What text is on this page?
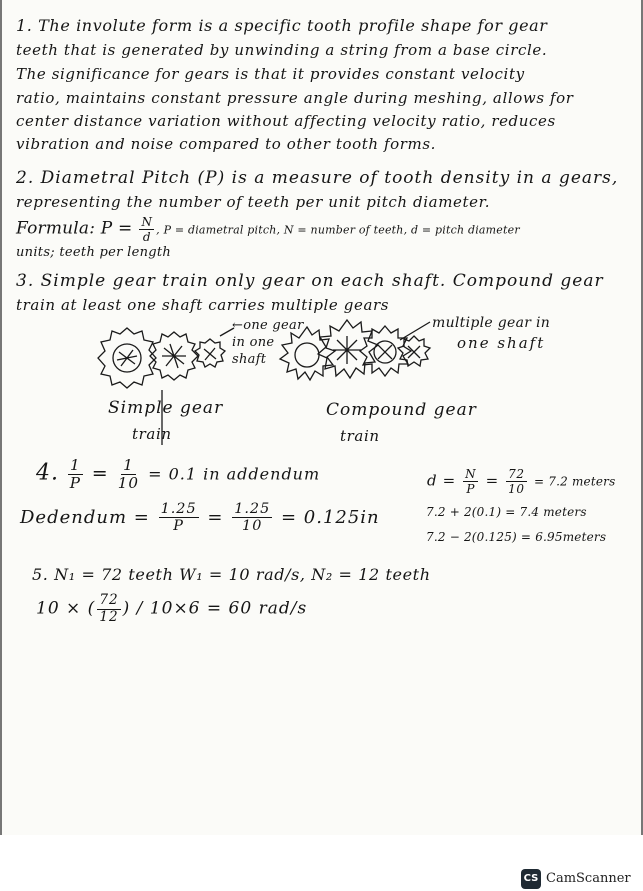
1. The involute form is a specific tooth profile shape for gear
teeth that is generated by unwinding a string from a base circle.
The significance for gears is that it provides constant velocity
ratio, maintains constant pressure angle during meshing, allows for
center distance variation without affecting velocity ratio, reduces
vibration and noise compared to other tooth forms.
2. Diametral Pitch (P) is a measure of tooth density in a gears,
representing the number of teeth per unit pitch diameter.
Formula: $P = \frac{N}{d}$ , P = diametral pitch, N = number of teeth, d = pitch diameter
units; teeth per length
3. Simple gear train only gear on each shaft. Compound gear
train at least one shaft carries multiple gears
←one gear
in one
shaft
multiple gear in
one shaft
Simple gear
train
Compound gear
train
4. $\frac{1}{P} = \frac{1}{10} = 0.1$ in addendum	$d = \frac{N}{P} = \frac{72}{10} = 7.2$ meters
Dedendum = $\frac{1.25}{P} = \frac{1.25}{10} = 0.125in$	7.2 + 2(0.1) = 7.4 meters
7.2 − 2(0.125) = 6.95meters
5. N₁ = 72 teeth W₁ = 10 rad/s, N₂ = 12 teeth
10 × ( $\frac{72}{12}$ ) / 10×6 = 60 rad/s
CS CamScanner
